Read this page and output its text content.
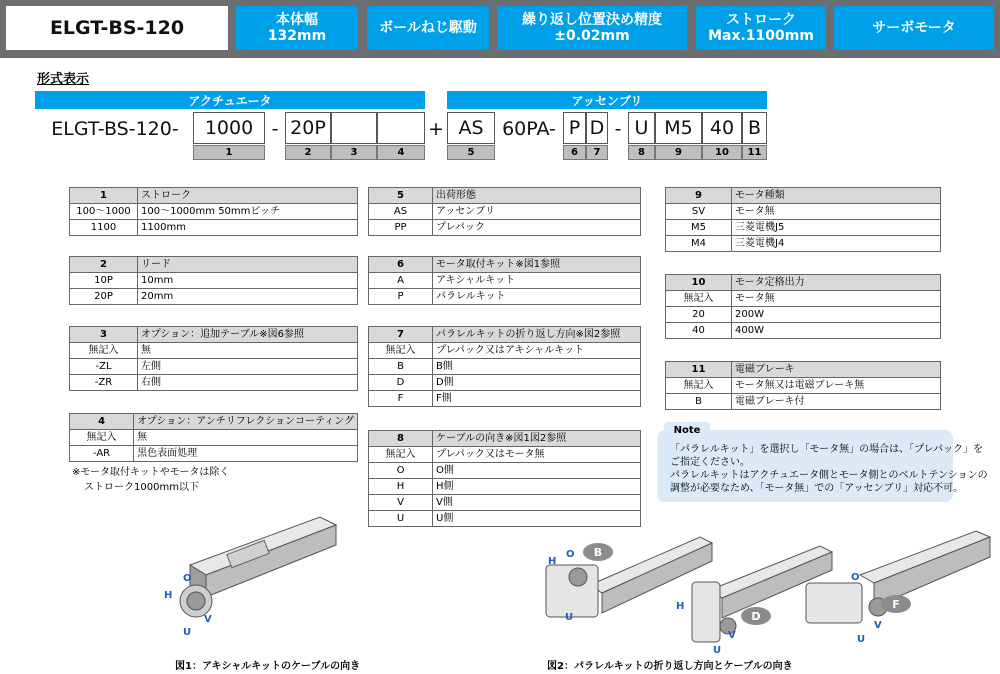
ELGT-BS-120	本体幅
132mm
ボールねじ駆動
繰り返し位置決め精度
±0.02mm
ストローク
Max.1100mm
サーボモータ
形式表示
アクチュエータ	アッセンブリ
ELGT-BS-120-	1000 - 20P	+ AS 60PA- P D - U M5 40 B
1	2	3	4	5	6	7	8	9	10	11
1	ストローク
100～1000	100～1000mm 50mmピッチ
1100	1100mm
2	リード
10P	10mm
20P	20mm
3	オプション：追加テーブル※図6参照
無記入	無
-ZL	左側
-ZR	右側
4	オプション：アンチリフレクションコーティング
無記入	無
-AR	黒色表面処理
※モータ取付キットやモータは除く
ストローク1000mm以下
5	出荷形態
AS	アッセンブリ
PP	プレパック
6	モータ取付キット※図1参照
A	アキシャルキット
P	パラレルキット
7	パラレルキットの折り返し方向※図2参照
無記入	プレパック又はアキシャルキット
B	B側
D	D側
F	F側
8	ケーブルの向き※図1図2参照
無記入	プレパック又はモータ無
O	O側
H	H側
V	V側
U	U側
9	モータ種類
SV	モータ無
M5	三菱電機J5
M4	三菱電機J4
10	モータ定格出力
無記入	モータ無
20	200W
40	400W
11	電磁ブレーキ
無記入	モータ無又は電磁ブレーキ無
B	電磁ブレーキ付
Note
「パラレルキット」を選択し「モータ無」の場合は、「プレパック」を
ご指定ください。
パラレルキットはアクチュエータ側とモータ側とのベルトテンションの
調整が必要なため、「モータ無」での「アッセンブリ」対応不可。
O
H
V
U
図1：アキシャルキットのケーブルの向き
B
D
F
H
O
U
H
V
U
O
V
U
図2：パラレルキットの折り返し方向とケーブルの向き
